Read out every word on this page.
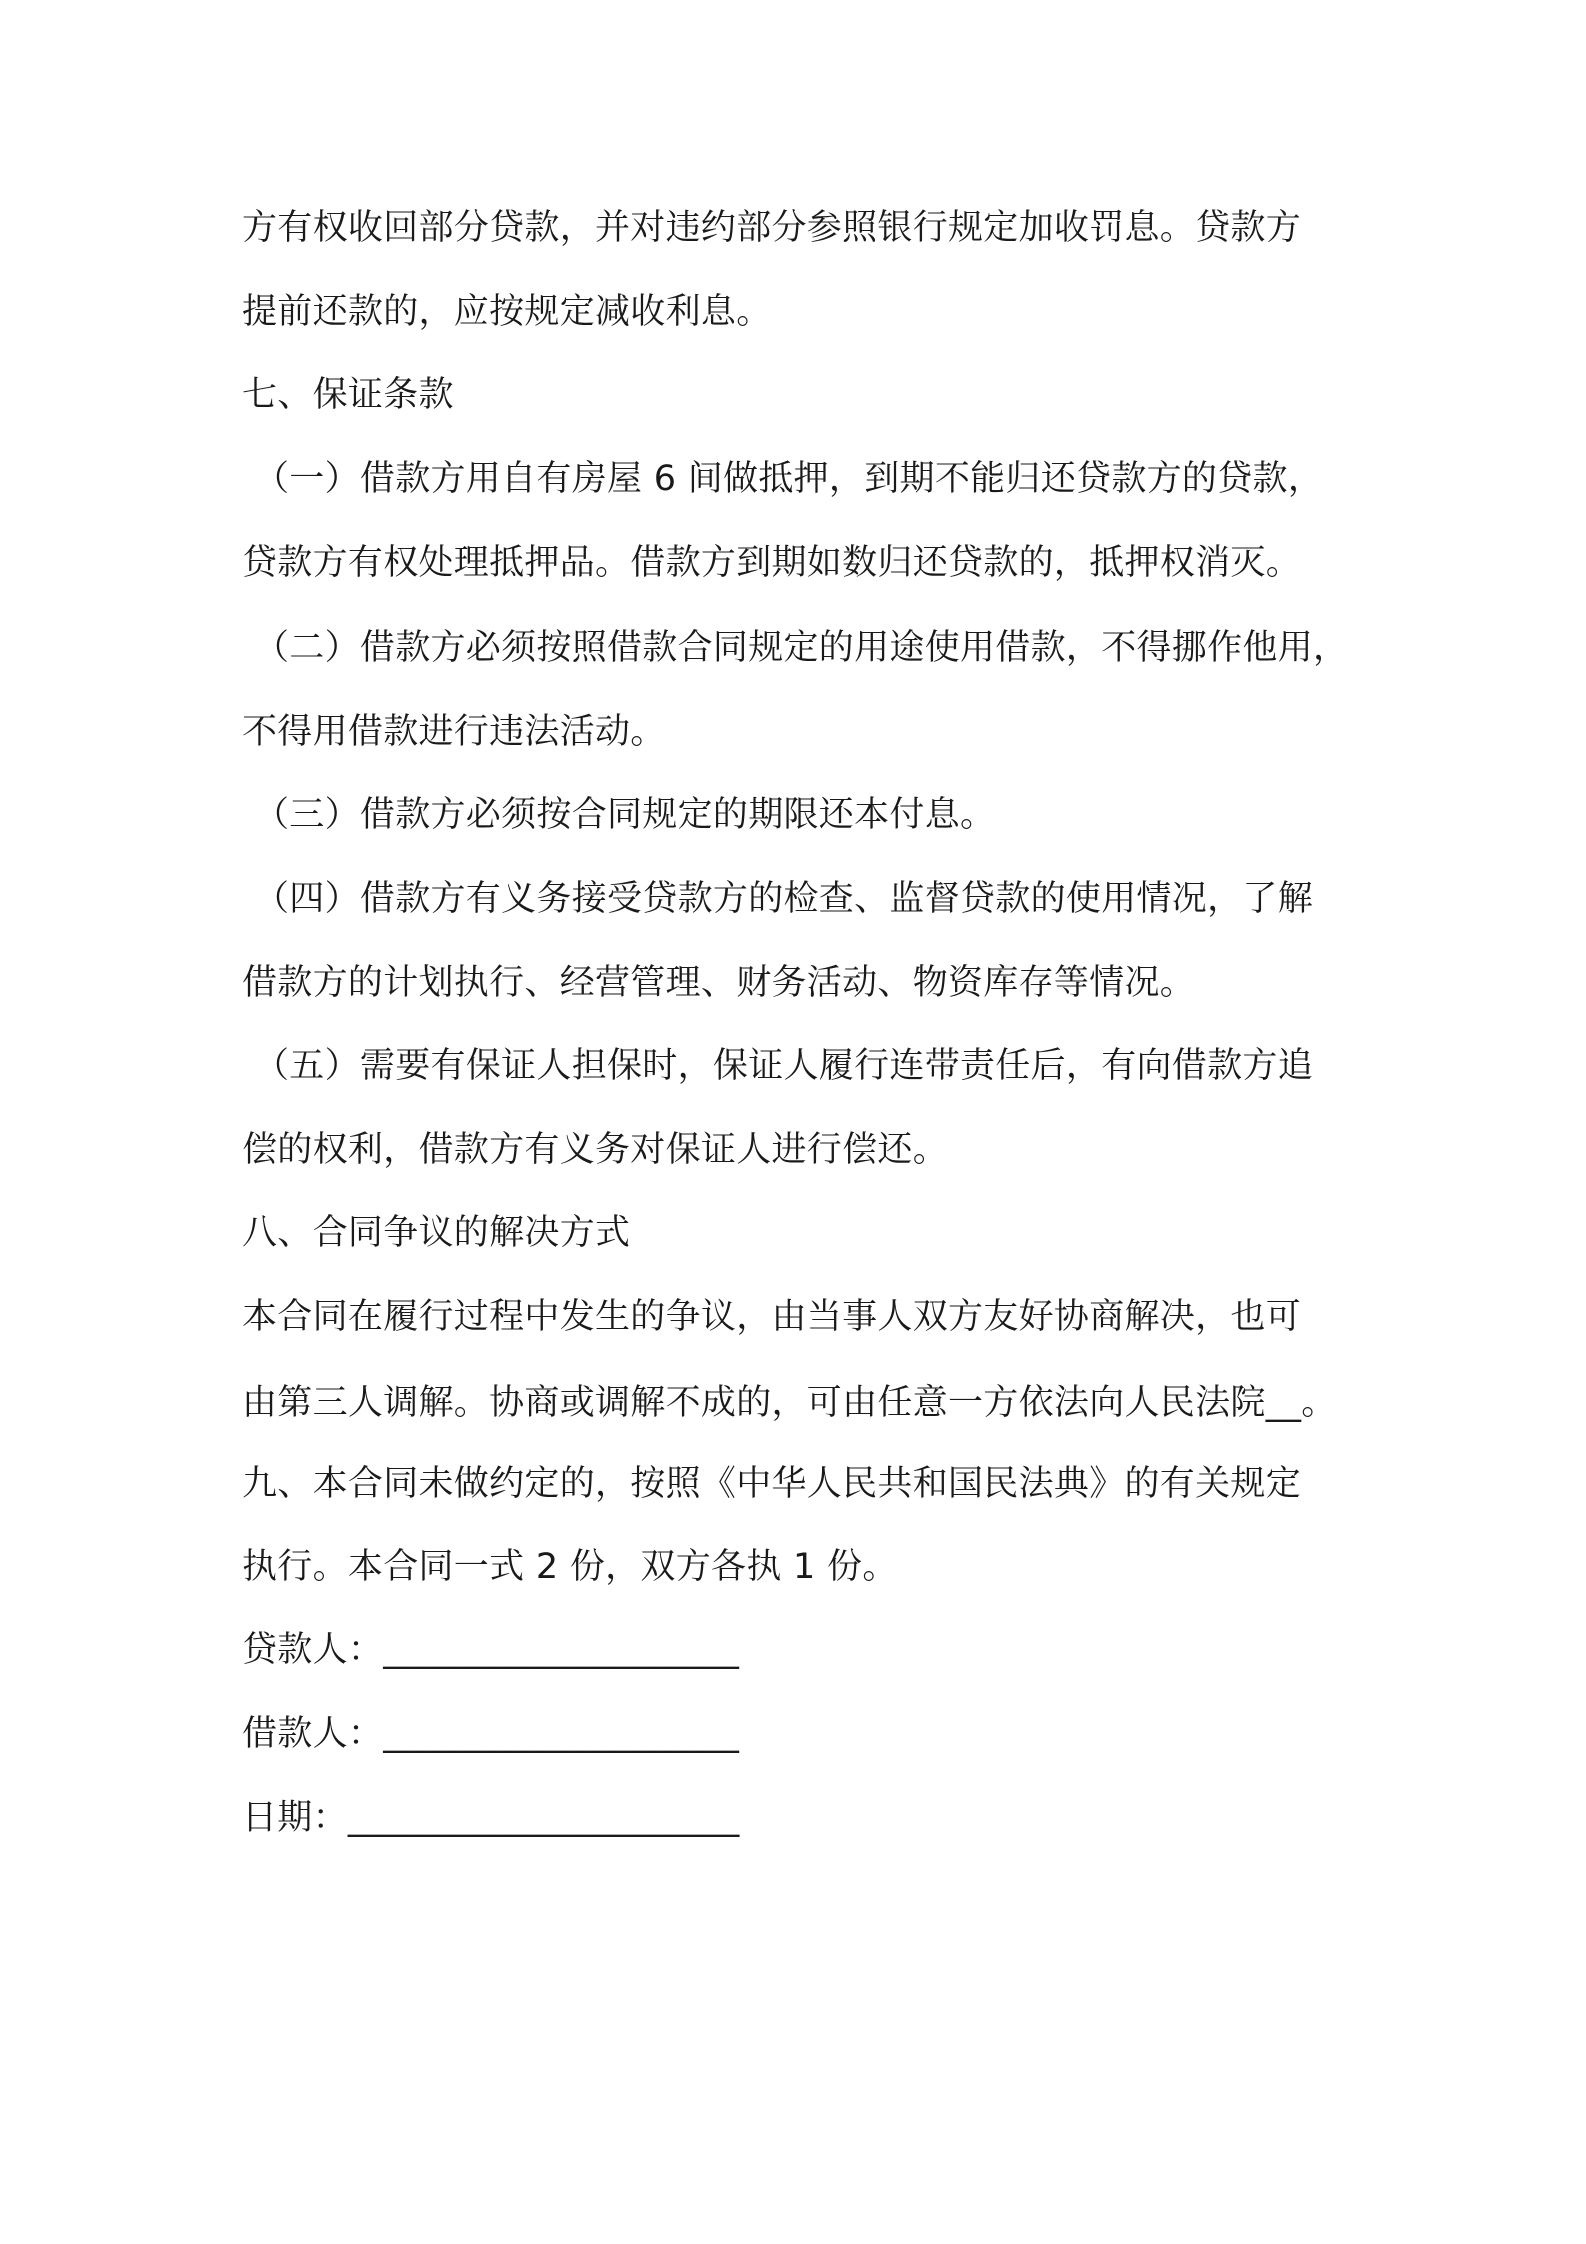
方有权收回部分贷款，并对违约部分参照银行规定加收罚息。贷款方
提前还款的，应按规定减收利息。
七、保证条款
（一）借款方用自有房屋 6 间做抵押，到期不能归还贷款方的贷款，
贷款方有权处理抵押品。借款方到期如数归还贷款的，抵押权消灭。
（二）借款方必须按照借款合同规定的用途使用借款，不得挪作他用，
不得用借款进行违法活动。
（三）借款方必须按合同规定的期限还本付息。
（四）借款方有义务接受贷款方的检查、监督贷款的使用情况，了解
借款方的计划执行、经营管理、财务活动、物资库存等情况。
（五）需要有保证人担保时，保证人履行连带责任后，有向借款方追
偿的权利，借款方有义务对保证人进行偿还。
八、合同争议的解决方式
本合同在履行过程中发生的争议，由当事人双方友好协商解决，也可
由第三人调解。协商或调解不成的，可由任意一方依法向人民法院__。
九、本合同未做约定的，按照《中华人民共和国民法典》的有关规定
执行。本合同一式 2 份，双方各执 1 份。
贷款人：____________________
借款人：____________________
日期：______________________
